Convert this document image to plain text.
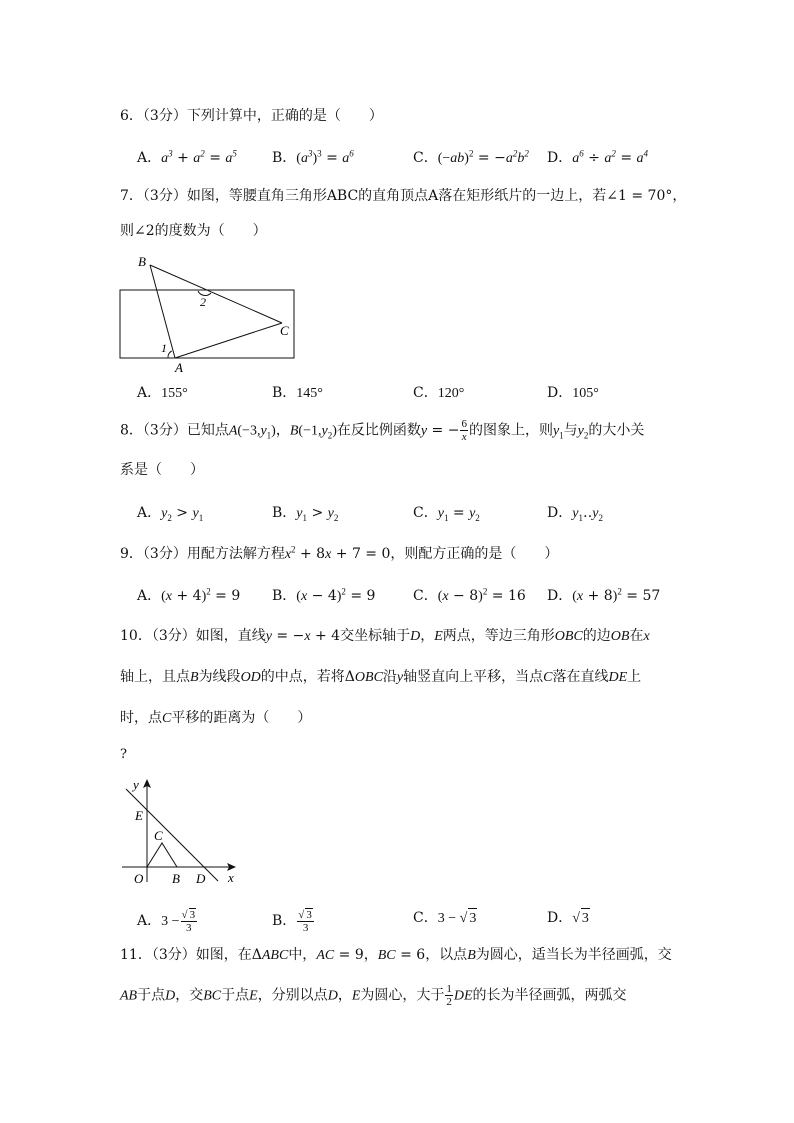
6．（3分）下列计算中，正确的是（　　）
A．$a^3 + a^2 = a^5$	B．$(a^3)^3 = a^6$	C．$(-ab)^2 = -a^2b^2$ D．$a^6 \div a^2 = a^4$
7．（3分）如图，等腰直角三角形ABC的直角顶点A落在矩形纸片的一边上，若∠1 = 70°，
则∠2的度数为（　　）
B
C
A
1
2
A．155°	B．145°	C．120°	D．105°
8．（3分）已知点$A(-3,y_1)$，$B(-1,y_2)$在反比例函数y = − $\frac{6}{x}$ 的图象上，则$y_1$与$y_2$的大小关
系是（　　）
A．$y_2 > y_1$	B．$y_1 > y_2$	C．$y_1 = y_2$	D．$y_1‥y_2$
9．（3分）用配方法解方程$x^2 + 8x + 7 = 0$，则配方正确的是（　　）
A．$(x + 4)^2 = 9$ B．$(x - 4)^2 = 9$	C．$(x - 8)^2 = 16$ D．$(x + 8)^2 = 57$
10．（3分）如图，直线y = −x + 4交坐标轴于D，E两点，等边三角形OBC的边OB在x
轴上，且点B为线段OD的中点，若将ΔOBC沿y轴竖直向上平移，当点C落在直线DE上
时，点C平移的距离为（　　）
?
y
x
E
C
O B D
A．$3 - \frac{√ 3}{3}$	B． $\frac{√ 3}{3}$	C．3 − √ 3	D．√ 3
11．（3分）如图，在ΔABC中，AC = 9，BC = 6，以点B为圆心，适当长为半径画弧，交
AB于点D，交BC于点E，分别以点D，E为圆心，大于 $\frac{1}{2}$ DE的长为半径画弧，两弧交
